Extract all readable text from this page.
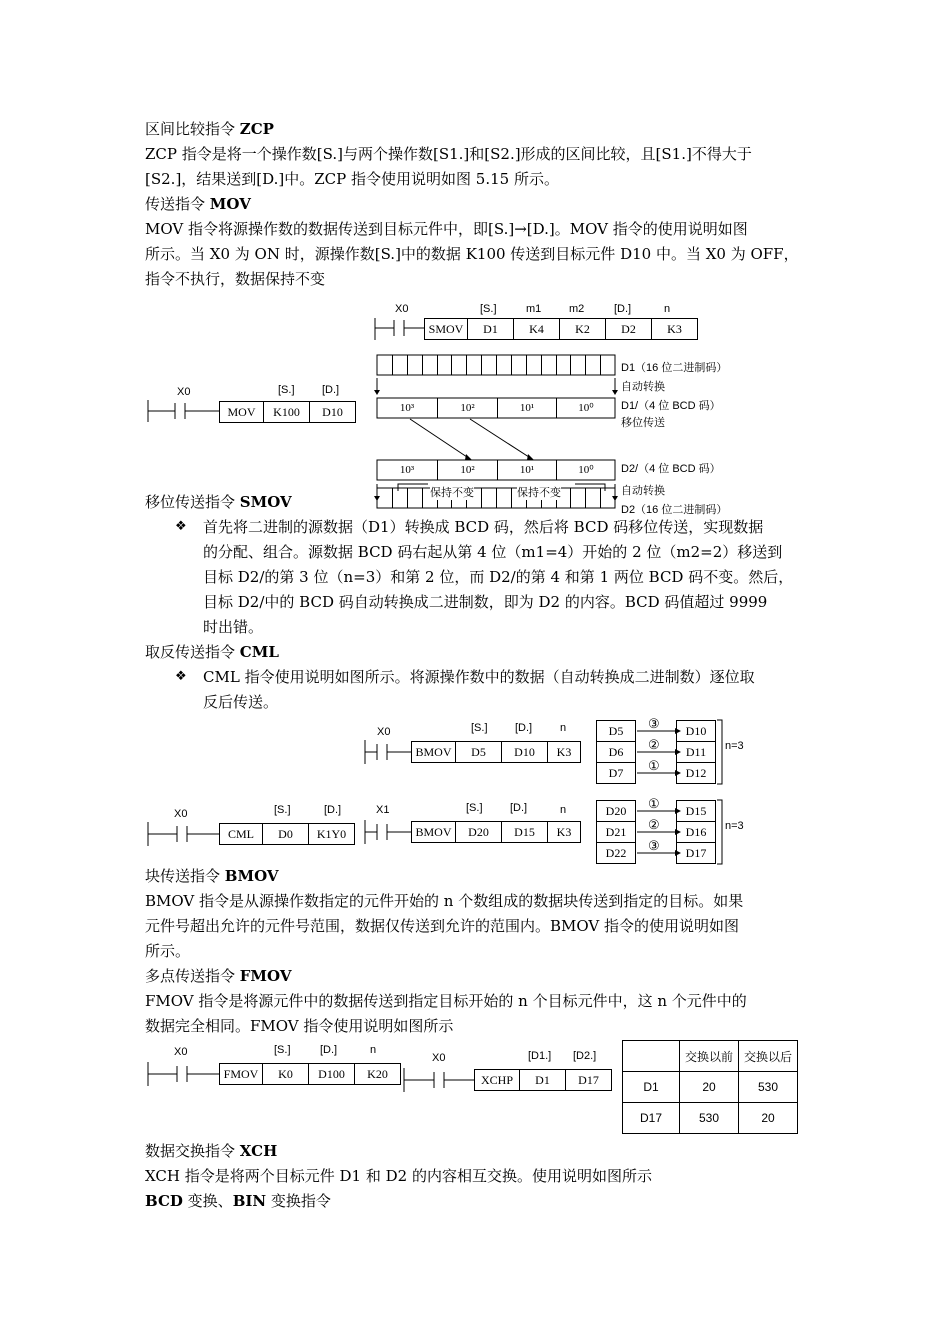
区间比较指令 ZCP
ZCP 指令是将一个操作数[S.]与两个操作数[S1.]和[S2.]形成的区间比较，且[S1.]不得大于
[S2.]，结果送到[D.]中。ZCP 指令使用说明如图 5.15 所示。
传送指令 MOV
MOV 指令将源操作数的数据传送到目标元件中，即[S.]→[D.]。MOV 指令的使用说明如图
所示。当 X0 为 ON 时，源操作数[S.]中的数据 K100 传送到目标元件 D10 中。当 X0 为 OFF，
指令不执行，数据保持不变
移位传送指令 SMOV
❖ 首先将二进制的源数据（D1）转换成 BCD 码，然后将 BCD 码移位传送，实现数据
的分配、组合。源数据 BCD 码右起从第 4 位（m1=4）开始的 2 位（m2=2）移送到
目标 D2/的第 3 位（n=3）和第 2 位，而 D2/的第 4 和第 1 两位 BCD 码不变。然后，
目标 D2/中的 BCD 码自动转换成二进制数，即为 D2 的内容。BCD 码值超过 9999
时出错。
取反传送指令 CML
❖ CML 指令使用说明如图所示。将源操作数中的数据（自动转换成二进制数）逐位取
反后传送。
块传送指令 BMOV
BMOV 指令是从源操作数指定的元件开始的 n 个数组成的数据块传送到指定的目标。如果
元件号超出允许的元件号范围，数据仅传送到允许的范围内。BMOV 指令的使用说明如图
所示。
多点传送指令 FMOV
FMOV 指令是将源元件中的数据传送到指定目标开始的 n 个目标元件中，这 n 个元件中的
数据完全相同。FMOV 指令使用说明如图所示
数据交换指令 XCH
XCH 指令是将两个目标元件 D1 和 D2 的内容相互交换。使用说明如图所示
BCD 变换、BIN 变换指令
X0	[S.]	m1	m2	[D.]	n
SMOV	D1	K4	K2	D2	K3
D1（16 位二进制码）
自动转换
D1/（4 位 BCD 码）
移位传送
10³	10²	10¹	10⁰
10³	10²	10¹	10⁰	D2/（4 位 BCD 码）
保持不变	保持不变	自动转换
D2（16 位二进制码）
X0	[S.] [D.]
MOV	K100	D10
X0	[S.] [D.]	n
BMOV	D5	D10	K3
D5
D6
D7
D10
D11
D12
③
②
①
n=3
X0	[S.]	[D.]
CML	D0	K1Y0
X1	[S.] [D.]	n
BMOV	D20	D15	K3
D20
D21
D22
D15
D16
D17
①
②
③
n=3
X0	[S.]	[D.]	n
FMOV	K0	D100	K20
X0	[D1.] [D2.]
XCHP	D1	D17
	交换以前	交换以后
D1	20	530
D17	530	20
